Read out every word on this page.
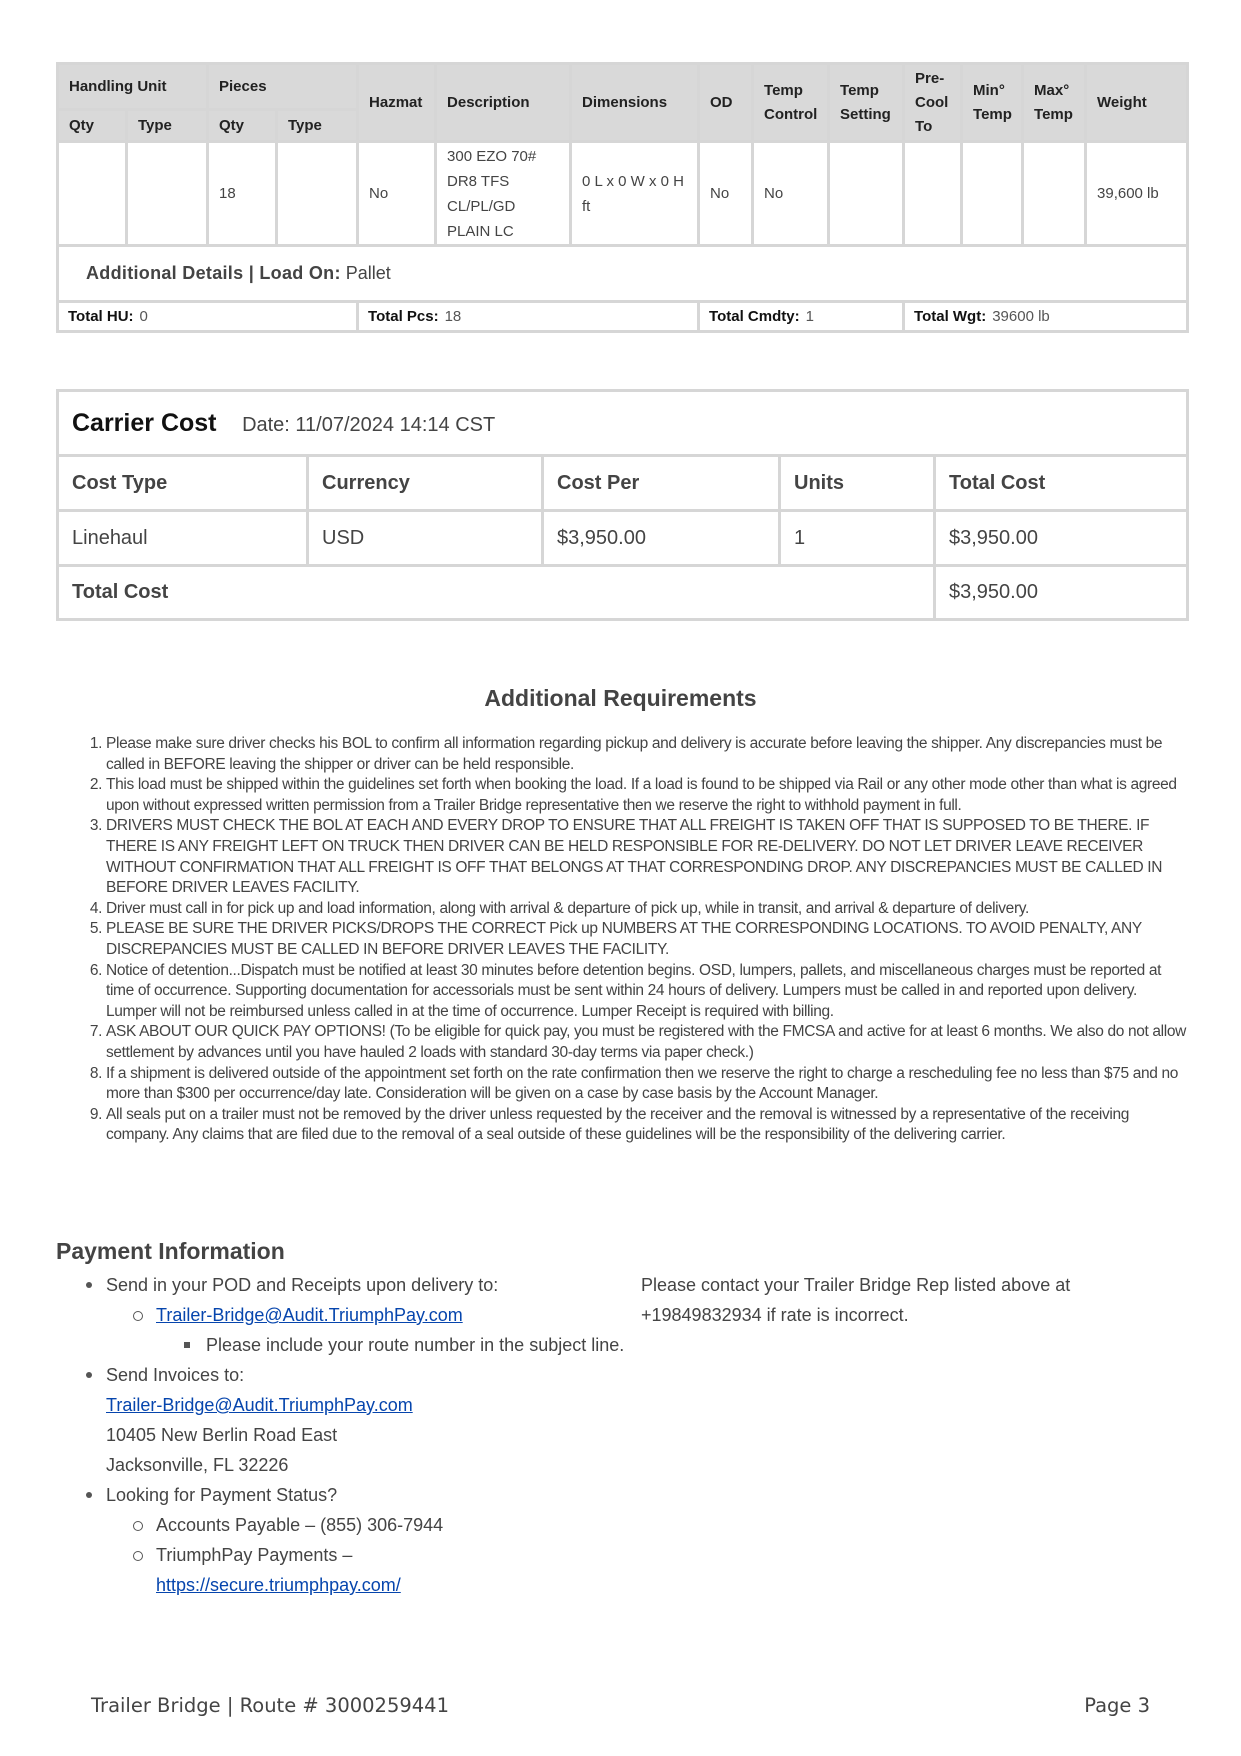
Handling Unit		Pieces		Hazmat	Description	Dimensions	OD	Temp Control	Temp Setting	Pre-Cool To	Min° Temp	Max° Temp	Weight
Qty	Type	Qty	Type										
		18		No	300 EZO 70# DR8 TFS CL/PL/GD PLAIN LC	0 L x 0 W x 0 H ft	No	No					39,600 lb
Additional Details | Load On: Pallet													
Total HU: 0				Total Pcs: 18			Total Cmdty: 1			Total Wgt: 39600 lb			
Carrier Cost Date: 11/07/2024 14:14 CST				
Cost Type	Currency	Cost Per	Units	Total Cost
Linehaul	USD	$3,950.00	1	$3,950.00
Total Cost				$3,950.00
Additional Requirements
1. Please make sure driver checks his BOL to confirm all information regarding pickup and delivery is accurate before leaving the shipper. Any discrepancies must be called in BEFORE leaving the shipper or driver can be held responsible.
2. This load must be shipped within the guidelines set forth when booking the load. If a load is found to be shipped via Rail or any other mode other than what is agreed upon without expressed written permission from a Trailer Bridge representative then we reserve the right to withhold payment in full.
3. DRIVERS MUST CHECK THE BOL AT EACH AND EVERY DROP TO ENSURE THAT ALL FREIGHT IS TAKEN OFF THAT IS SUPPOSED TO BE THERE. IF THERE IS ANY FREIGHT LEFT ON TRUCK THEN DRIVER CAN BE HELD RESPONSIBLE FOR RE-DELIVERY. DO NOT LET DRIVER LEAVE RECEIVER WITHOUT CONFIRMATION THAT ALL FREIGHT IS OFF THAT BELONGS AT THAT CORRESPONDING DROP. ANY DISCREPANCIES MUST BE CALLED IN BEFORE DRIVER LEAVES FACILITY.
4. Driver must call in for pick up and load information, along with arrival & departure of pick up, while in transit, and arrival & departure of delivery.
5. PLEASE BE SURE THE DRIVER PICKS/DROPS THE CORRECT Pick up NUMBERS AT THE CORRESPONDING LOCATIONS. TO AVOID PENALTY, ANY DISCREPANCIES MUST BE CALLED IN BEFORE DRIVER LEAVES THE FACILITY.
6. Notice of detention...Dispatch must be notified at least 30 minutes before detention begins. OSD, lumpers, pallets, and miscellaneous charges must be reported at time of occurrence. Supporting documentation for accessorials must be sent within 24 hours of delivery. Lumpers must be called in and reported upon delivery. Lumper will not be reimbursed unless called in at the time of occurrence. Lumper Receipt is required with billing.
7. ASK ABOUT OUR QUICK PAY OPTIONS! (To be eligible for quick pay, you must be registered with the FMCSA and active for at least 6 months. We also do not allow settlement by advances until you have hauled 2 loads with standard 30-day terms via paper check.)
8. If a shipment is delivered outside of the appointment set forth on the rate confirmation then we reserve the right to charge a rescheduling fee no less than $75 and no more than $300 per occurrence/day late. Consideration will be given on a case by case basis by the Account Manager.
9. All seals put on a trailer must not be removed by the driver unless requested by the receiver and the removal is witnessed by a representative of the receiving company. Any claims that are filed due to the removal of a seal outside of these guidelines will be the responsibility of the delivering carrier.
Payment Information
Send in your POD and Receipts upon delivery to:
Trailer-Bridge@Audit.TriumphPay.com
Please include your route number in the subject line.
Send Invoices to:
Trailer-Bridge@Audit.TriumphPay.com
10405 New Berlin Road East
Jacksonville, FL 32226
Looking for Payment Status?
Accounts Payable – (855) 306-7944
TriumphPay Payments –
https://secure.triumphpay.com/
Please contact your Trailer Bridge Rep listed above at +19849832934 if rate is incorrect.
Trailer Bridge | Route # 3000259441	Page 3
